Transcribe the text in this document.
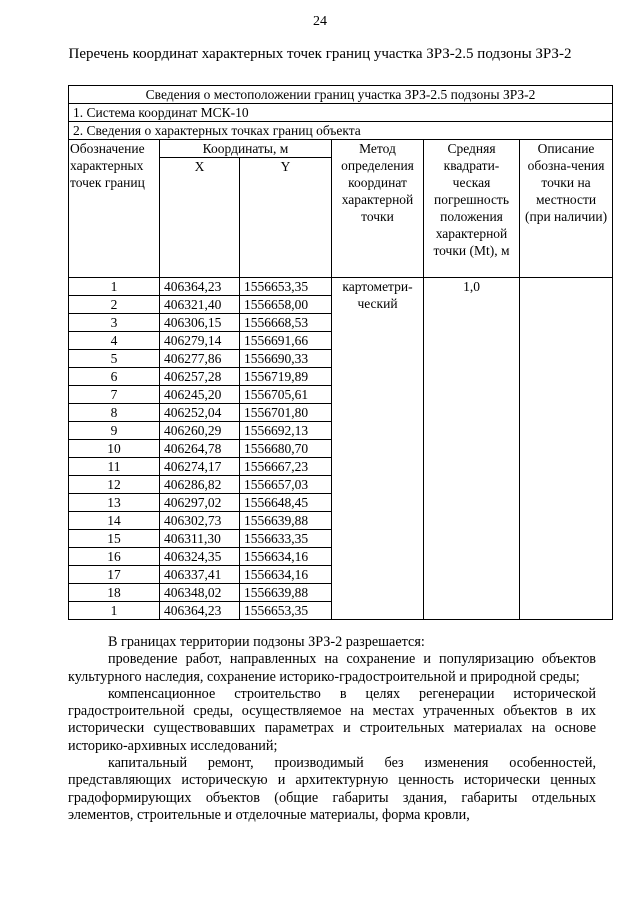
24
Перечень координат характерных точек границ участка ЗРЗ-2.5 подзоны ЗРЗ-2
Сведения о местоположении границ участка ЗРЗ-2.5 подзоны ЗРЗ-2					
1. Система координат МСК-10					
2. Сведения о характерных точках границ объекта					

Обозначение характерных точек границ	Координаты, м		Метод определения координат характерной точки	Средняя квадрати-ческая погрешность положения характерной точки (Mt), м	Описание обозна-чения точки на местности (при наличии)
	X	Y			
1	406364,23	1556653,35	картометри-ческий	1,0	
2	406321,40	1556658,00			
3	406306,15	1556668,53			
4	406279,14	1556691,66			
5	406277,86	1556690,33			
6	406257,28	1556719,89			
7	406245,20	1556705,61			
8	406252,04	1556701,80			
9	406260,29	1556692,13			
10	406264,78	1556680,70			
11	406274,17	1556667,23			
12	406286,82	1556657,03			
13	406297,02	1556648,45			
14	406302,73	1556639,88			
15	406311,30	1556633,35			
16	406324,35	1556634,16			
17	406337,41	1556634,16			
18	406348,02	1556639,88			
1	406364,23	1556653,35			

В границах территории подзоны ЗРЗ-2 разрешается:

проведение работ, направленных на сохранение и популяризацию объектов культурного наследия, сохранение историко-градостроительной и природной среды;

компенсационное строительство в целях регенерации исторической градостроительной среды, осуществляемое на местах утраченных объектов в их исторически существовавших параметрах и строительных материалах на основе историко-архивных исследований;

капитальный ремонт, производимый без изменения особенностей, представляющих историческую и архитектурную ценность исторически ценных градоформирующих объектов (общие габариты здания, габариты отдельных элементов, строительные и отделочные материалы, форма кровли,
